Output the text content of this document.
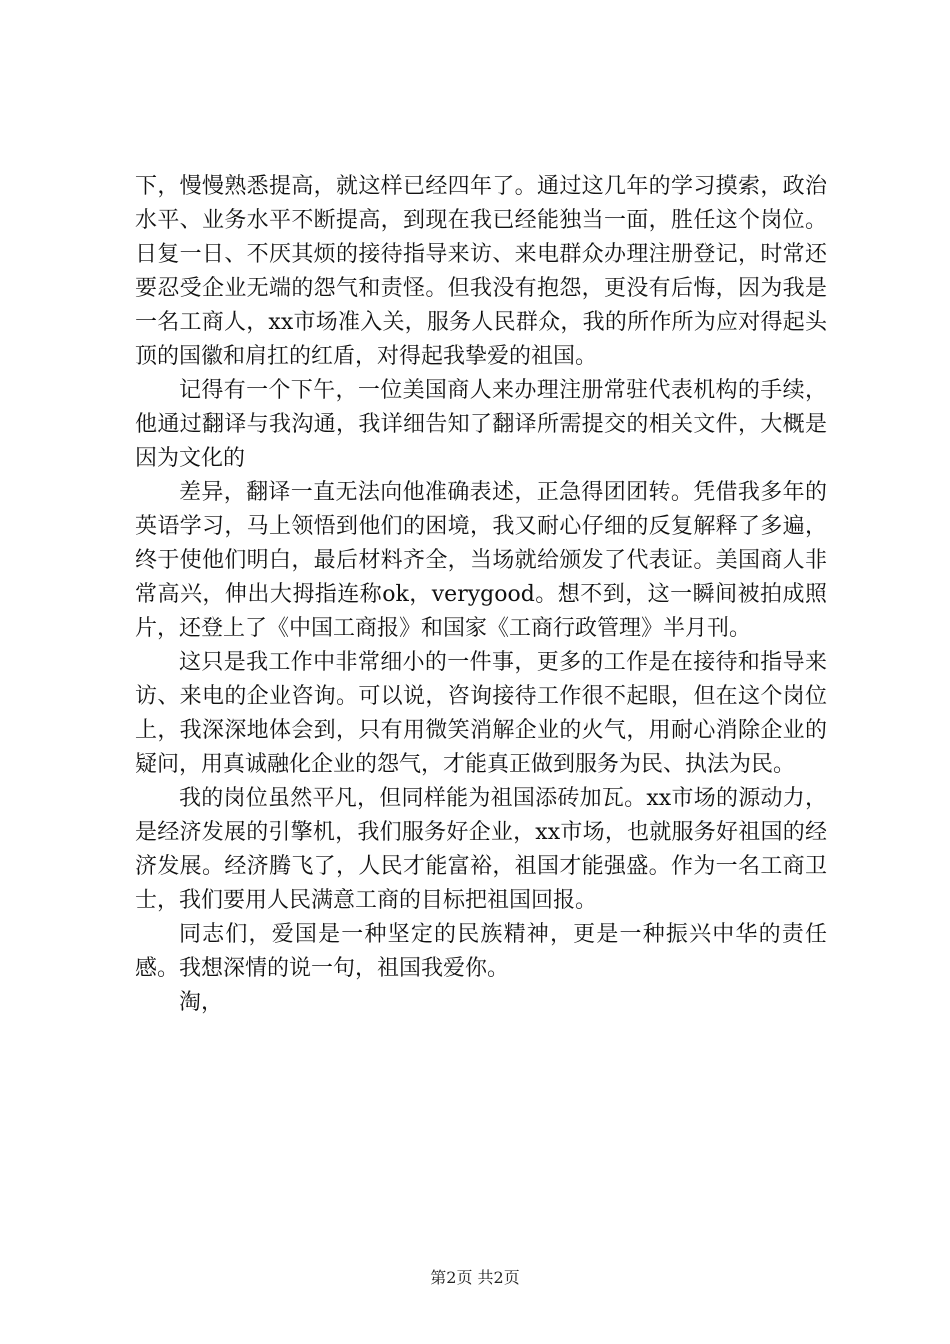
下，慢慢熟悉提高，就这样已经四年了。通过这几年的学习摸索，政治水平、业务水平不断提高，到现在我已经能独当一面，胜任这个岗位。日复一日、不厌其烦的接待指导来访、来电群众办理注册登记，时常还要忍受企业无端的怨气和责怪。但我没有抱怨，更没有后悔，因为我是一名工商人，xx市场准入关，服务人民群众，我的所作所为应对得起头顶的国徽和肩扛的红盾，对得起我挚爱的祖国。

记得有一个下午，一位美国商人来办理注册常驻代表机构的手续，他通过翻译与我沟通，我详细告知了翻译所需提交的相关文件，大概是因为文化的

差异，翻译一直无法向他准确表述，正急得团团转。凭借我多年的英语学习，马上领悟到他们的困境，我又耐心仔细的反复解释了多遍，终于使他们明白，最后材料齐全，当场就给颁发了代表证。美国商人非常高兴，伸出大拇指连称ok，verygood。想不到，这一瞬间被拍成照片，还登上了《中国工商报》和国家《工商行政管理》半月刊。

这只是我工作中非常细小的一件事，更多的工作是在接待和指导来访、来电的企业咨询。可以说，咨询接待工作很不起眼，但在这个岗位上，我深深地体会到，只有用微笑消解企业的火气，用耐心消除企业的疑问，用真诚融化企业的怨气，才能真正做到服务为民、执法为民。

我的岗位虽然平凡，但同样能为祖国添砖加瓦。xx市场的源动力，是经济发展的引擎机，我们服务好企业，xx市场，也就服务好祖国的经济发展。经济腾飞了，人民才能富裕，祖国才能强盛。作为一名工商卫士，我们要用人民满意工商的目标把祖国回报。

同志们，爱国是一种坚定的民族精神，更是一种振兴中华的责任感。我想深情的说一句，祖国我爱你。

淘，

第2页 共2页
